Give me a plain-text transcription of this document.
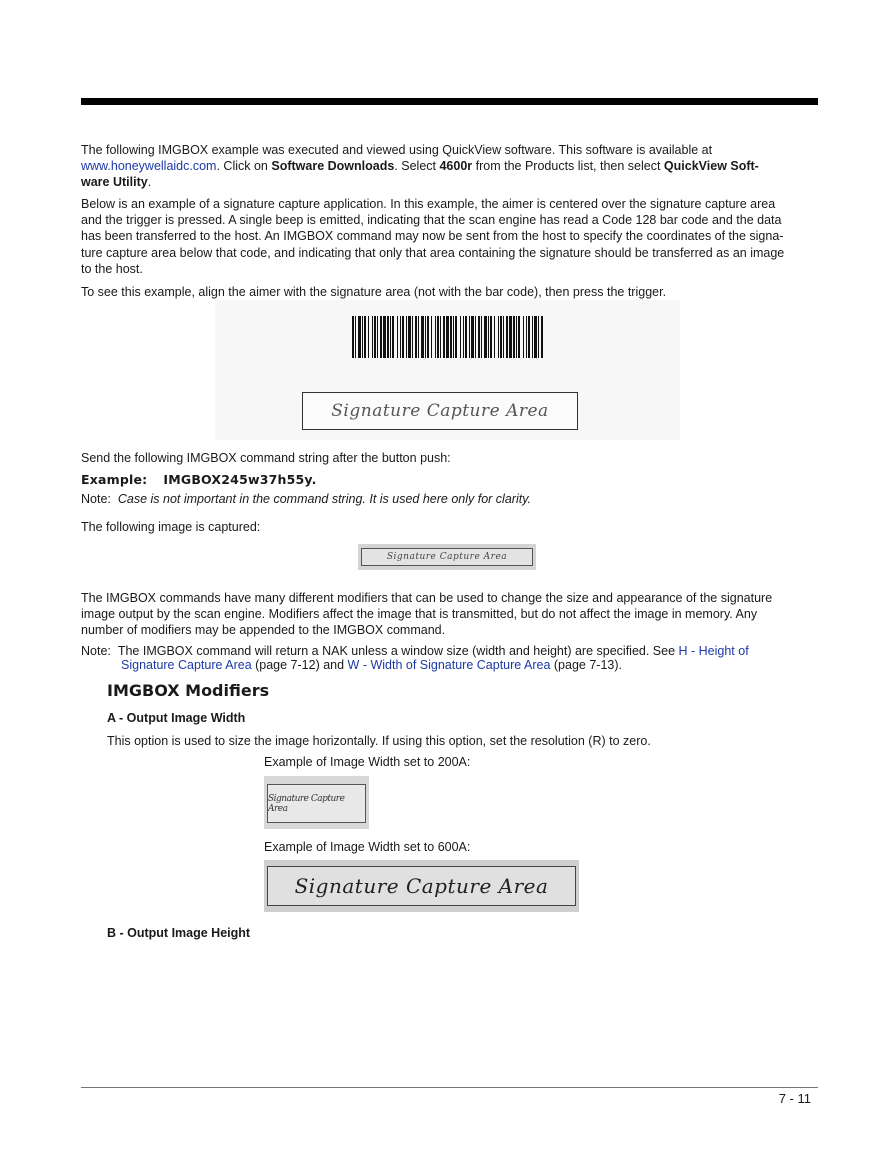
The following IMGBOX example was executed and viewed using QuickView software. This software is available at
www.honeywellaidc.com. Click on Software Downloads. Select 4600r from the Products list, then select QuickView Soft-
ware Utility.
Below is an example of a signature capture application. In this example, the aimer is centered over the signature capture area
and the trigger is pressed. A single beep is emitted, indicating that the scan engine has read a Code 128 bar code and the data
has been transferred to the host. An IMGBOX command may now be sent from the host to specify the coordinates of the signa-
ture capture area below that code, and indicating that only that area containing the signature should be transferred as an image
to the host.
To see this example, align the aimer with the signature area (not with the bar code), then press the trigger.
Signature Capture Area
Send the following IMGBOX command string after the button push:
Example: IMGBOX245w37h55y.
Note: Case is not important in the command string. It is used here only for clarity.
The following image is captured:
Signature Capture Area
The IMGBOX commands have many different modifiers that can be used to change the size and appearance of the signature
image output by the scan engine. Modifiers affect the image that is transmitted, but do not affect the image in memory. Any
number of modifiers may be appended to the IMGBOX command.
Note: The IMGBOX command will return a NAK unless a window size (width and height) are specified. See H - Height of
Signature Capture Area (page 7-12) and W - Width of Signature Capture Area (page 7-13).
IMGBOX Modifiers
A - Output Image Width
This option is used to size the image horizontally. If using this option, set the resolution (R) to zero.
Example of Image Width set to 200A:
Signature Capture Area
Example of Image Width set to 600A:
Signature Capture Area
B - Output Image Height
7 - 11
